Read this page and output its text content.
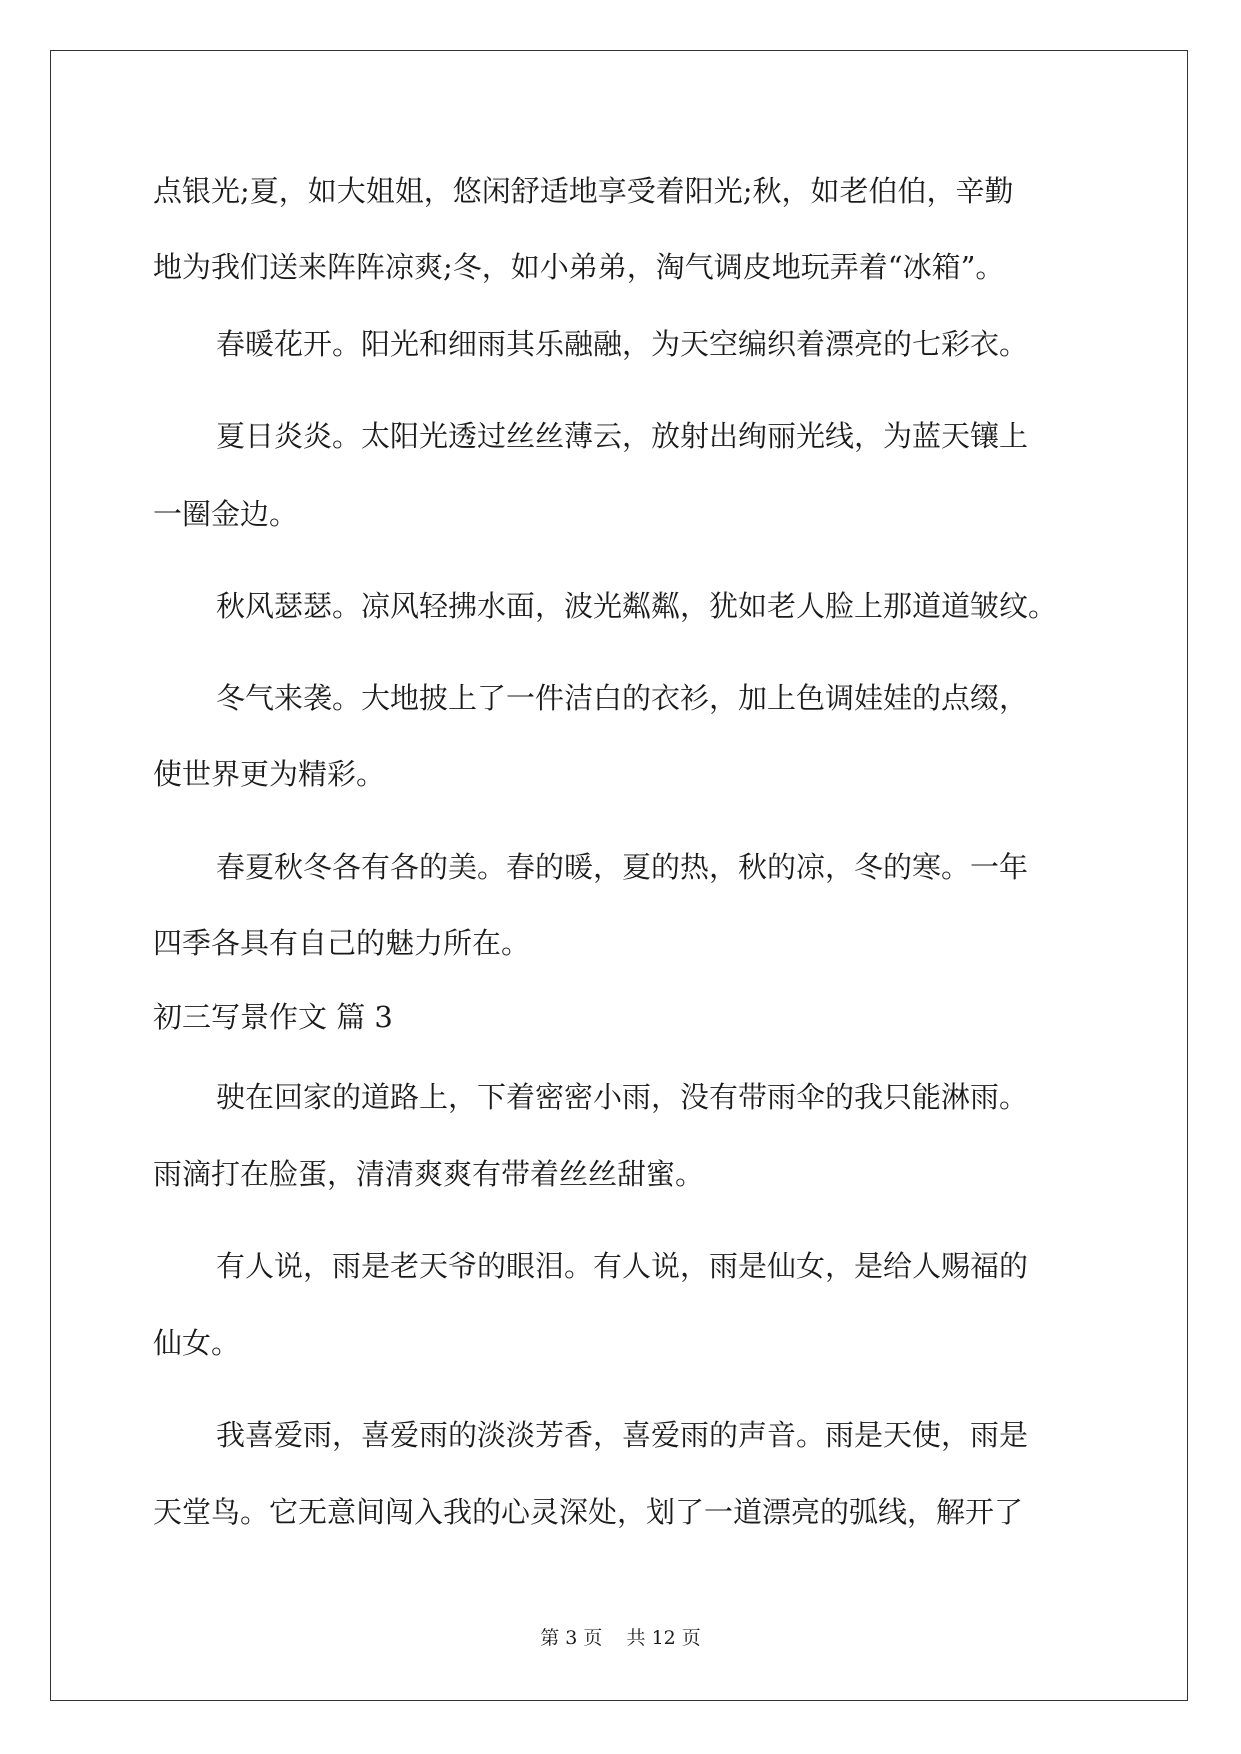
点银光;夏，如大姐姐，悠闲舒适地享受着阳光;秋，如老伯伯，辛勤
地为我们送来阵阵凉爽;冬，如小弟弟，淘气调皮地玩弄着“冰箱”。
春暖花开。阳光和细雨其乐融融，为天空编织着漂亮的七彩衣。
夏日炎炎。太阳光透过丝丝薄云，放射出绚丽光线，为蓝天镶上
一圈金边。
秋风瑟瑟。凉风轻拂水面，波光粼粼，犹如老人脸上那道道皱纹。
冬气来袭。大地披上了一件洁白的衣衫，加上色调娃娃的点缀，
使世界更为精彩。
春夏秋冬各有各的美。春的暖，夏的热，秋的凉，冬的寒。一年
四季各具有自己的魅力所在。
初三写景作文 篇 3
驶在回家的道路上，下着密密小雨，没有带雨伞的我只能淋雨。
雨滴打在脸蛋，清清爽爽有带着丝丝甜蜜。
有人说，雨是老天爷的眼泪。有人说，雨是仙女，是给人赐福的
仙女。
我喜爱雨，喜爱雨的淡淡芳香，喜爱雨的声音。雨是天使，雨是
天堂鸟。它无意间闯入我的心灵深处，划了一道漂亮的弧线，解开了
第 3 页 共 12 页
